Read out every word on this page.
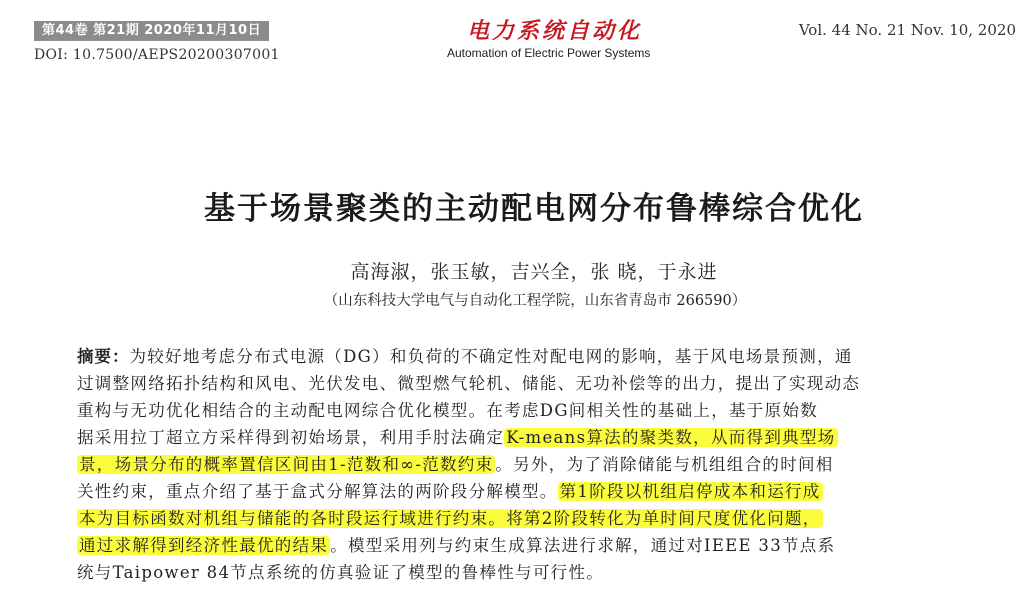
第44卷 第21期 2020年11月10日
DOI: 10.7500/AEPS20200307001
电力系统自动化
Automation of Electric Power Systems
Vol. 44 No. 21 Nov. 10, 2020
基于场景聚类的主动配电网分布鲁棒综合优化
高海淑，张玉敏，吉兴全，张 晓，于永进
（山东科技大学电气与自动化工程学院，山东省青岛市 266590）
摘要：为较好地考虑分布式电源（DG）和负荷的不确定性对配电网的影响，基于风电场景预测，通
过调整网络拓扑结构和风电、光伏发电、微型燃气轮机、储能、无功补偿等的出力，提出了实现动态
重构与无功优化相结合的主动配电网综合优化模型。在考虑DG间相关性的基础上，基于原始数
据采用拉丁超立方采样得到初始场景，利用手肘法确定 K-means算法的聚类数，从而得到典型场
景，场景分布的概率置信区间由1-范数和∞-范数约束 。另外，为了消除储能与机组组合的时间相
关性约束，重点介绍了基于盒式分解算法的两阶段分解模型。 第1阶段以机组启停成本和运行成
本为目标函数对机组与储能的各时段运行域进行约束。将第2阶段转化为单时间尺度优化问题，
通过求解得到经济性最优的结果 。模型采用列与约束生成算法进行求解，通过对IEEE 33节点系
统与Taipower 84节点系统的仿真验证了模型的鲁棒性与可行性。
